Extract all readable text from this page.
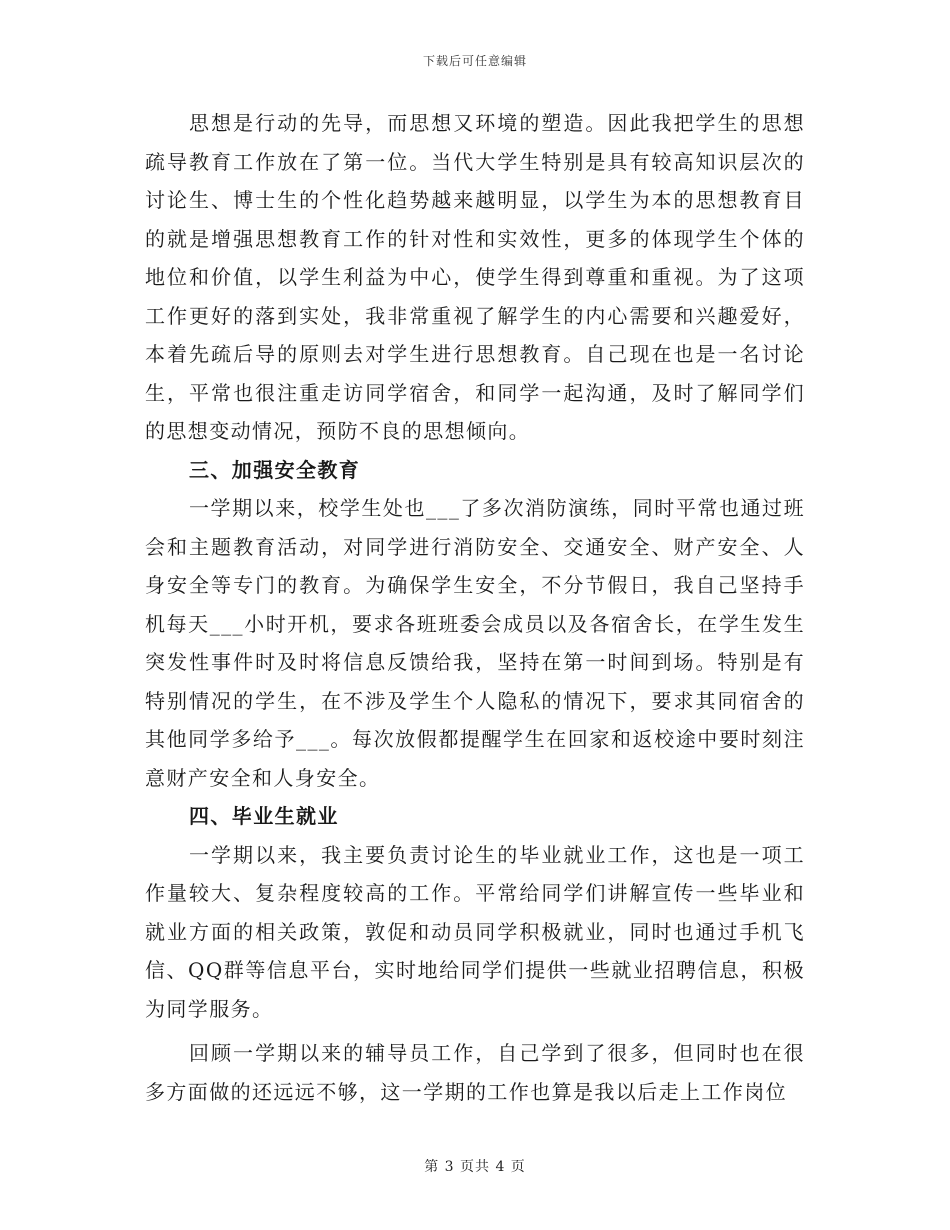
下载后可任意编辑

思想是行动的先导，而思想又环境的塑造。因此我把学生的思想疏导教育工作放在了第一位。当代大学生特别是具有较高知识层次的讨论生、博士生的个性化趋势越来越明显，以学生为本的思想教育目的就是增强思想教育工作的针对性和实效性，更多的体现学生个体的地位和价值，以学生利益为中心，使学生得到尊重和重视。为了这项工作更好的落到实处，我非常重视了解学生的内心需要和兴趣爱好，本着先疏后导的原则去对学生进行思想教育。自己现在也是一名讨论生，平常也很注重走访同学宿舍，和同学一起沟通，及时了解同学们的思想变动情况，预防不良的思想倾向。

三、加强安全教育

一学期以来，校学生处也___了多次消防演练，同时平常也通过班会和主题教育活动，对同学进行消防安全、交通安全、财产安全、人身安全等专门的教育。为确保学生安全，不分节假日，我自己坚持手机每天___小时开机，要求各班班委会成员以及各宿舍长，在学生发生突发性事件时及时将信息反馈给我，坚持在第一时间到场。特别是有特别情况的学生，在不涉及学生个人隐私的情况下，要求其同宿舍的其他同学多给予___。每次放假都提醒学生在回家和返校途中要时刻注意财产安全和人身安全。

四、毕业生就业

一学期以来，我主要负责讨论生的毕业就业工作，这也是一项工作量较大、复杂程度较高的工作。平常给同学们讲解宣传一些毕业和就业方面的相关政策，敦促和动员同学积极就业，同时也通过手机飞信、QQ群等信息平台，实时地给同学们提供一些就业招聘信息，积极为同学服务。

回顾一学期以来的辅导员工作，自己学到了很多，但同时也在很多方面做的还远远不够，这一学期的工作也算是我以后走上工作岗位

第 3 页共 4 页
